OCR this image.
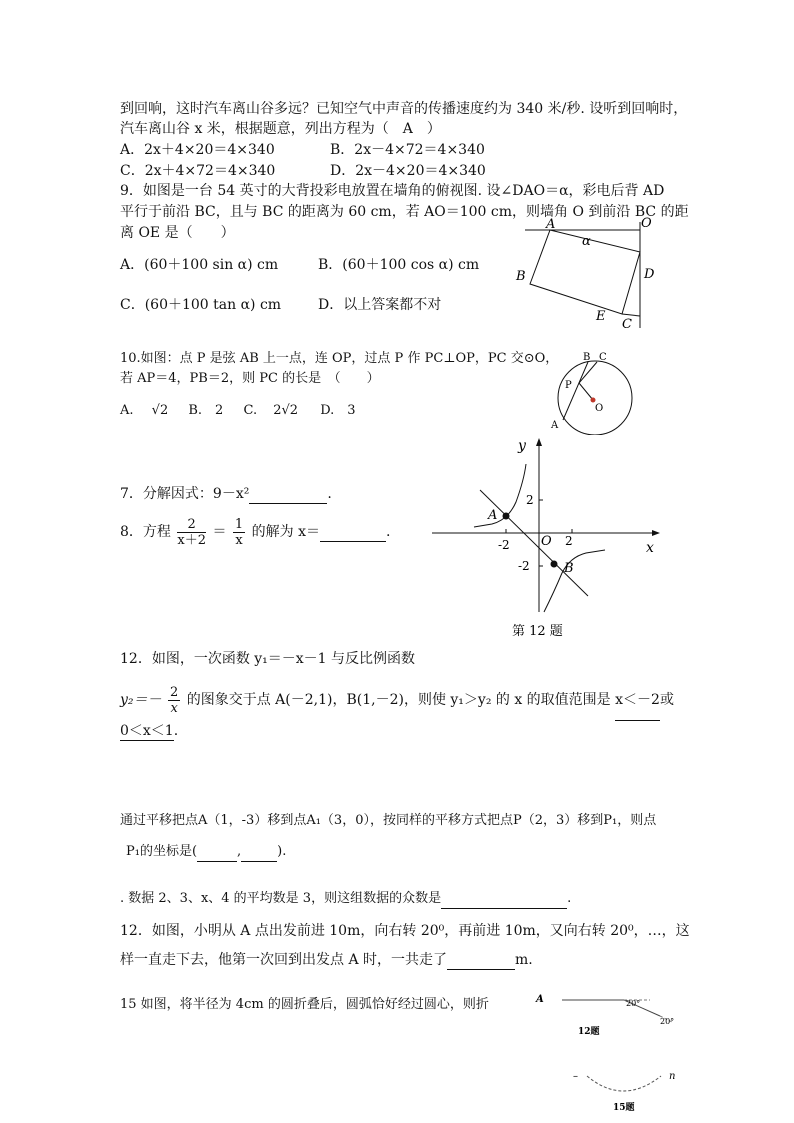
到回响，这时汽车离山谷多远？已知空气中声音的传播速度约为 340 米/秒. 设听到回响时，
汽车离山谷 x 米，根据题意，列出方程为（　A　）
A．2x＋4×20＝4×340	B．2x－4×72＝4×340
C．2x＋4×72＝4×340	D．2x－4×20＝4×340
9．如图是一台 54 英寸的大背投彩电放置在墙角的俯视图. 设∠DAO＝α，彩电后背 AD
平行于前沿 BC，且与 BC 的距离为 60 cm，若 AO＝100 cm，则墙角 O 到前沿 BC 的距
离 OE 是（　　）
A．(60＋100 sin α) cm	B．(60＋100 cos α) cm
C．(60＋100 tan α) cm	D．以上答案都不对
A	O
α
B	D
E
C
10.如图：点 P 是弦 AB 上一点，连 OP，过点 P 作 PC⊥OP，PC 交⊙O，
若 AP＝4，PB＝2，则 PC 的长是　（　　）
A. √2 B.　2 C. 2√2 D.　3
B C
P
O
A
7．分解因式：9－x²	.
8．方程 $\frac{2}{x+2} = \frac{1}{x}$ 的解为 x＝	.
y
x
2
-2 O 2
-2
A
B
第 12 题
12．如图，一次函数 y₁＝－x－1 与反比例函数
$y_2=- \frac{2}{x}$ 的图象交于点 A(－2,1)，B(1,－2)，则使 y₁＞y₂ 的 x 的取值范围是 x＜－2或
0＜x＜1.
通过平移把点A（1，-3）移到点A₁（3，0），按同样的平移方式把点P（2，3）移到P₁，则点
P₁的坐标是(	,	).
. 数据 2、3、x、4 的平均数是 3，则这组数据的众数是	.
12．如图，小明从 A 点出发前进 10m，向右转 20⁰，再前进 10m，又向右转 20⁰，…，这
样一直走下去，他第一次回到出发点 A 时，一共走了	m.
15 如图，将半径为 4cm 的圆折叠后，圆弧恰好经过圆心，则折	A	20°
20°
12题
–	n
15题
